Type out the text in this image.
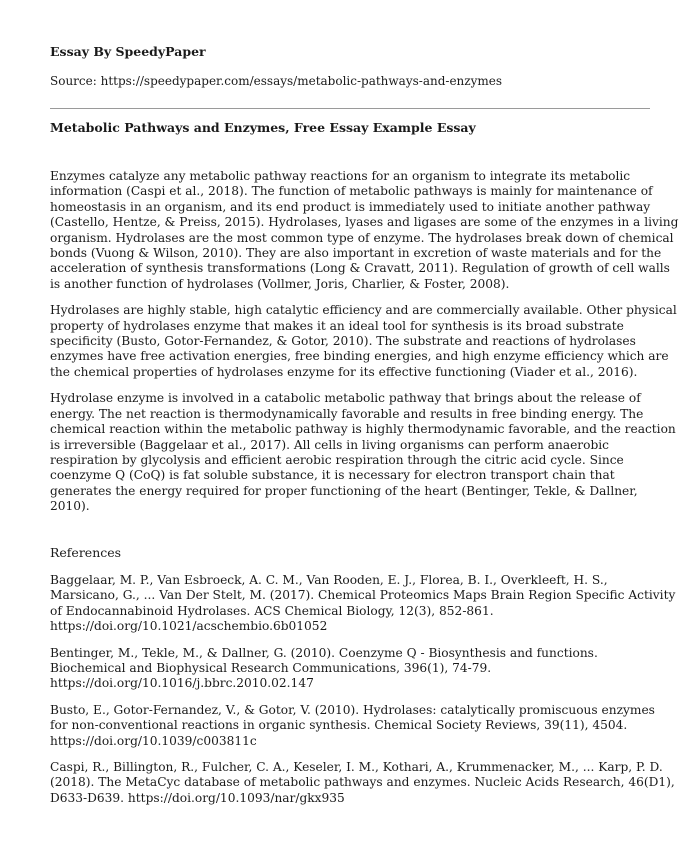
Essay By SpeedyPaper
Source: https://speedypaper.com/essays/metabolic-pathways-and-enzymes
Metabolic Pathways and Enzymes, Free Essay Example Essay

Enzymes catalyze any metabolic pathway reactions for an organism to integrate its metabolic
information (Caspi et al., 2018). The function of metabolic pathways is mainly for maintenance of
homeostasis in an organism, and its end product is immediately used to initiate another pathway
(Castello, Hentze, & Preiss, 2015). Hydrolases, lyases and ligases are some of the enzymes in a living
organism. Hydrolases are the most common type of enzyme. The hydrolases break down of chemical
bonds (Vuong & Wilson, 2010). They are also important in excretion of waste materials and for the
acceleration of synthesis transformations (Long & Cravatt, 2011). Regulation of growth of cell walls
is another function of hydrolases (Vollmer, Joris, Charlier, & Foster, 2008).

Hydrolases are highly stable, high catalytic efficiency and are commercially available. Other physical
property of hydrolases enzyme that makes it an ideal tool for synthesis is its broad substrate
specificity (Busto, Gotor-Fernandez, & Gotor, 2010). The substrate and reactions of hydrolases
enzymes have free activation energies, free binding energies, and high enzyme efficiency which are
the chemical properties of hydrolases enzyme for its effective functioning (Viader et al., 2016).

Hydrolase enzyme is involved in a catabolic metabolic pathway that brings about the release of
energy. The net reaction is thermodynamically favorable and results in free binding energy. The
chemical reaction within the metabolic pathway is highly thermodynamic favorable, and the reaction
is irreversible (Baggelaar et al., 2017). All cells in living organisms can perform anaerobic
respiration by glycolysis and efficient aerobic respiration through the citric acid cycle. Since
coenzyme Q (CoQ) is fat soluble substance, it is necessary for electron transport chain that
generates the energy required for proper functioning of the heart (Bentinger, Tekle, & Dallner,
2010).

References

Baggelaar, M. P., Van Esbroeck, A. C. M., Van Rooden, E. J., Florea, B. I., Overkleeft, H. S.,
Marsicano, G., ... Van Der Stelt, M. (2017). Chemical Proteomics Maps Brain Region Specific Activity
of Endocannabinoid Hydrolases. ACS Chemical Biology, 12(3), 852-861.
https://doi.org/10.1021/acschembio.6b01052

Bentinger, M., Tekle, M., & Dallner, G. (2010). Coenzyme Q - Biosynthesis and functions.
Biochemical and Biophysical Research Communications, 396(1), 74-79.
https://doi.org/10.1016/j.bbrc.2010.02.147

Busto, E., Gotor-Fernandez, V., & Gotor, V. (2010). Hydrolases: catalytically promiscuous enzymes
for non-conventional reactions in organic synthesis. Chemical Society Reviews, 39(11), 4504.
https://doi.org/10.1039/c003811c

Caspi, R., Billington, R., Fulcher, C. A., Keseler, I. M., Kothari, A., Krummenacker, M., ... Karp, P. D.
(2018). The MetaCyc database of metabolic pathways and enzymes. Nucleic Acids Research, 46(D1),
D633-D639. https://doi.org/10.1093/nar/gkx935
